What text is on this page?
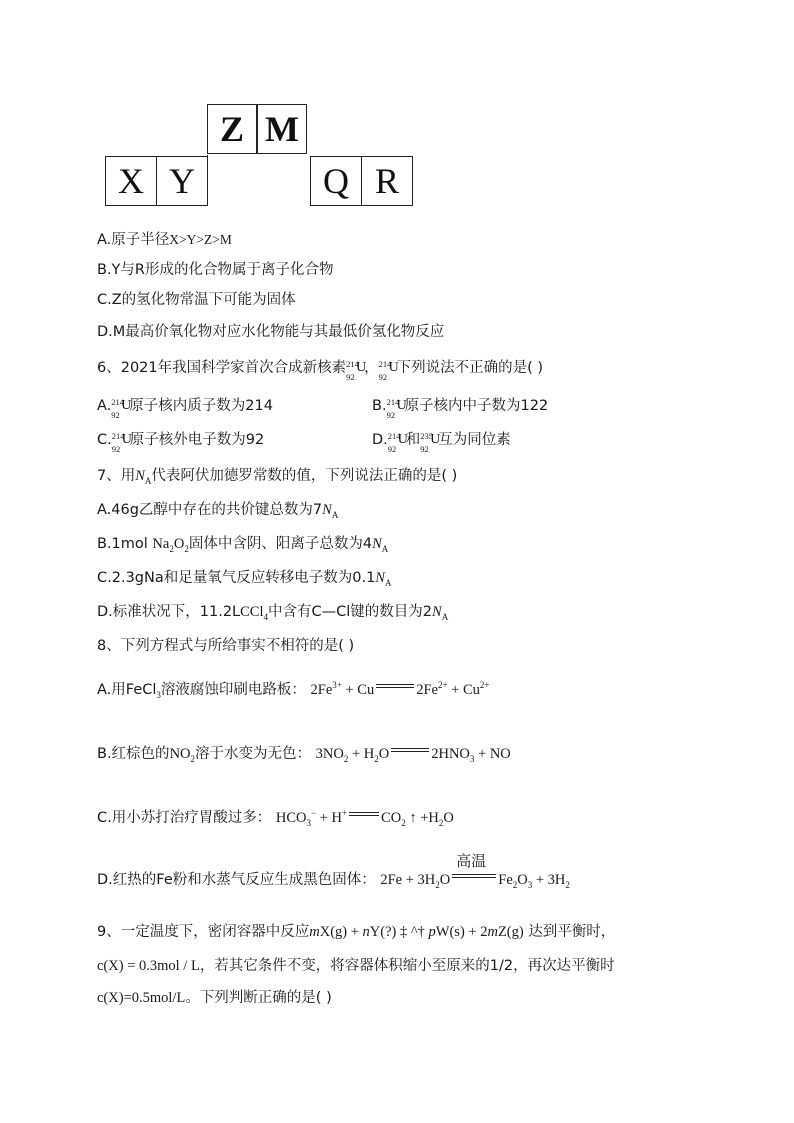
Z M
X Y	Q R
A.原子半径X>Y>Z>M
B.Y与R形成的化合物属于离子化合物
C.Z的氢化物常温下可能为固体
D.M最高价氧化物对应水化物能与其最低价氢化物反应
6、2021年我国科学家首次合成新核素 214
92
U
， 214
92
U
下列说法不正确的是( )
A. 214
92
U
原子核内质子数为214	B. 214
92
U
原子核内中子数为122
C. 214
92
U
原子核外电子数为92	D. 214
92
U
和 235
92
U
互为同位素
7、用$N_A$代表阿伏加德罗常数的值，下列说法正确的是( )
A.46g乙醇中存在的共价键总数为$7N_A$
B.1mol $Na_2O_2$固体中含阴、阳离子总数为$4N_A$
C.2.3gNa和足量氧气反应转移电子数为$0.1N_A$
D.标准状况下，11.2LCCl$_4$中含有C—Cl键的数目为$2N_A$
8、下列方程式与所给事实不相符的是( )
A.用FeCl$_3$溶液腐蚀印刷电路板： $2Fe^{3+} + Cu$	$2Fe^{2+} + Cu^{2+}$
B.红棕色的$NO_2$溶于水变为无色： $3NO_2 + H_2O$	$2HNO_3$ + NO
C.用小苏打治疗胃酸过多： $HCO_3^- + H^+$ $CO_2$ ↑ $+H_2O$
D.红热的Fe粉和水蒸气反应生成黑色固体： $2Fe + 3H_2O$
高温
$Fe_2O_3 + 3H_2$
9、一定温度下，密闭容器中反应mX(g) + nY(?) ‡ ^† pW(s) + 2mZ(g) 达到平衡时，
c(X) = 0.3mol / L，若其它条件不变，将容器体积缩小至原来的1/2，再次达平衡时
c(X)=0.5mol/L。下列判断正确的是( )
